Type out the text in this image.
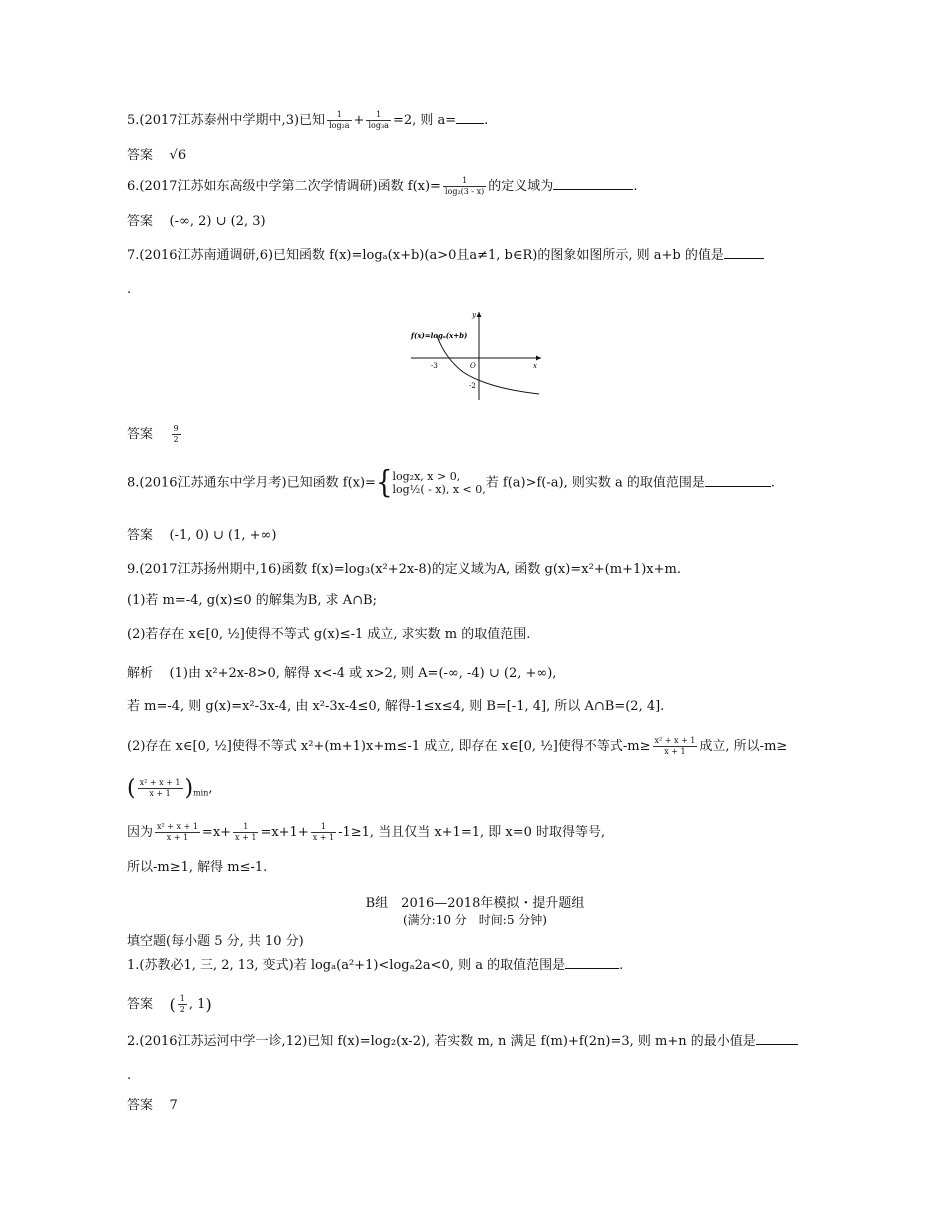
5.(2017江苏泰州中学期中,3)已知 $\frac{1}{\text{log₂a}} + \frac{1}{\text{log₃a}} =2$, 则 a= .
答案 √6
6.(2017江苏如东高级中学第二次学情调研)函数 $f(x)= \frac{1}{\text{log₂(3 - x)}}$ 的定义域为	.
答案 (-∞, 2) ∪ (2, 3)
7.(2016江苏南通调研,6)已知函数 f(x)=logₐ(x+b)(a>0且a≠1, b∈R)的图象如图所示, 则 a+b 的值是
.
f(x)=logₐ(x+b)
y
x
O
-3
-2
答案 $\frac{9}{2}$
8.(2016江苏通东中学月考)已知函数 f(x)={ log₂x, x > 0,
log½( - x), x < 0, 若 f(a)>f(-a), 则实数 a 的取值范围是	.
答案 (-1, 0) ∪ (1, +∞)
9.(2017江苏扬州期中,16)函数 f(x)=log₃(x²+2x-8)的定义域为A, 函数 g(x)=x²+(m+1)x+m.
(1)若 m=-4, g(x)≤0 的解集为B, 求 A∩B;
(2)若存在 x∈[0, ½]使得不等式 g(x)≤-1 成立, 求实数 m 的取值范围.
解析 (1)由 x²+2x-8>0, 解得 x<-4 或 x>2, 则 A=(-∞, -4) ∪ (2, +∞),
若 m=-4, 则 g(x)=x²-3x-4, 由 x²-3x-4≤0, 解得-1≤x≤4, 则 B=[-1, 4], 所以 A∩B=(2, 4].
(2)存在 x∈[0, ½]使得不等式 x²+(m+1)x+m≤-1 成立, 即存在 x∈[0, ½]使得不等式$-m\ge \frac{\text{x² + x + 1}}{x + 1}$ 成立, 所以-m≥
( $\frac{\text{x² + x + 1}}{x + 1} )_{min}$,
因为 $\frac{\text{x² + x + 1}}{x + 1} =x+ \frac{1}{x + 1} =x+1+ \frac{1}{x + 1} -1\ge 1$, 当且仅当 x+1=1, 即 x=0 时取得等号,
所以-m≥1, 解得 m≤-1.
B组　2016—2018年模拟・提升题组
(满分:10 分　时间:5 分钟)
填空题(每小题 5 分, 共 10 分)
1.(苏教必1, 三, 2, 13, 变式)若 logₐ(a²+1)<logₐ2a<0, 则 a 的取值范围是	.
答案 ( $\frac{1}{2}$ , 1)
2.(2016江苏运河中学一诊,12)已知 f(x)=log₂(x-2), 若实数 m, n 满足 f(m)+f(2n)=3, 则 m+n 的最小值是
.
答案 7
